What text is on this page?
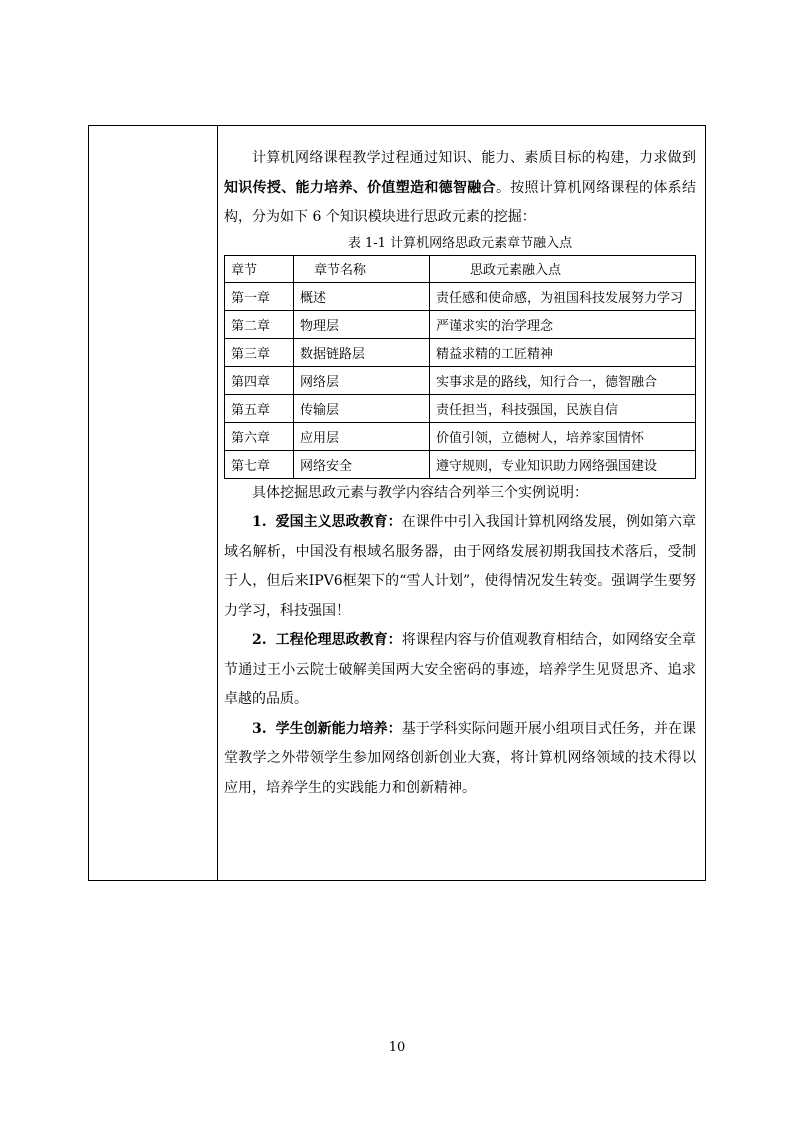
计算机网络课程教学过程通过知识、能力、素质目标的构建，力求做到知识传授、能力培养、价值塑造和德智融合。按照计算机网络课程的体系结构，分为如下 6 个知识模块进行思政元素的挖掘：

表 1-1 计算机网络思政元素章节融入点
章节	章节名称	思政元素融入点
第一章	概述	责任感和使命感，为祖国科技发展努力学习
第二章	物理层	严谨求实的治学理念
第三章	数据链路层	精益求精的工匠精神
第四章	网络层	实事求是的路线，知行合一，德智融合
第五章	传输层	责任担当，科技强国，民族自信
第六章	应用层	价值引领，立德树人，培养家国情怀
第七章	网络安全	遵守规则，专业知识助力网络强国建设

具体挖掘思政元素与教学内容结合列举三个实例说明：

1. 爱国主义思政教育：在课件中引入我国计算机网络发展，例如第六章域名解析，中国没有根域名服务器，由于网络发展初期我国技术落后，受制于人，但后来IPV6框架下的“雪人计划”，使得情况发生转变。强调学生要努力学习，科技强国！

2. 工程伦理思政教育：将课程内容与价值观教育相结合，如网络安全章节通过王小云院士破解美国两大安全密码的事迹，培养学生见贤思齐、追求卓越的品质。

3. 学生创新能力培养：基于学科实际问题开展小组项目式任务，并在课堂教学之外带领学生参加网络创新创业大赛，将计算机网络领域的技术得以应用，培养学生的实践能力和创新精神。

10
